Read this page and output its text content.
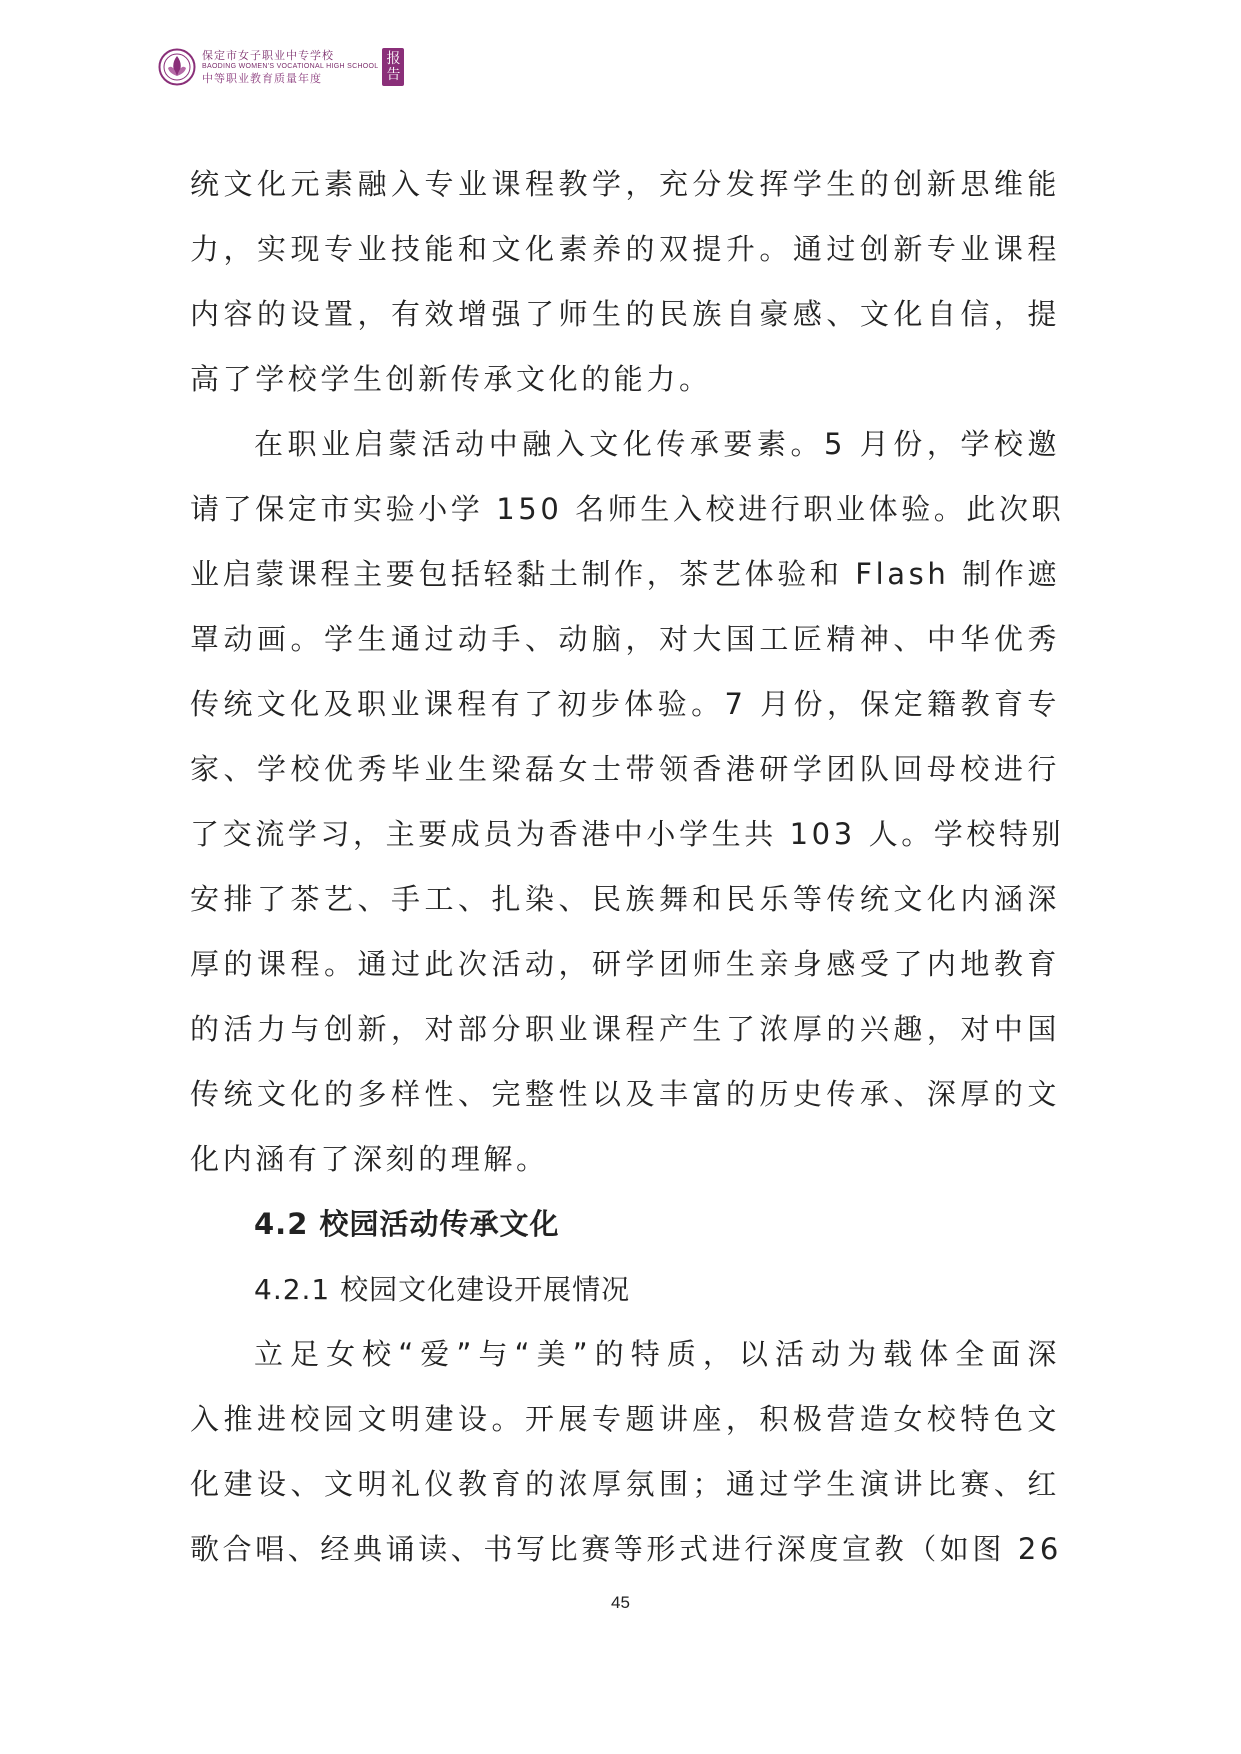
保定市女子职业中专学校
BAODING WOMEN'S VOCATIONAL HIGH SCHOOL
中等职业教育质量年度
报
告
统文化元素融入专业课程教学，充分发挥学生的创新思维能
力，实现专业技能和文化素养的双提升。通过创新专业课程
内容的设置，有效增强了师生的民族自豪感、文化自信，提
高了学校学生创新传承文化的能力。
在职业启蒙活动中融入文化传承要素。5 月份，学校邀
请了保定市实验小学 150 名师生入校进行职业体验。此次职
业启蒙课程主要包括轻黏土制作，茶艺体验和 Flash 制作遮
罩动画。学生通过动手、动脑，对大国工匠精神、中华优秀
传统文化及职业课程有了初步体验。7 月份，保定籍教育专
家、学校优秀毕业生梁磊女士带领香港研学团队回母校进行
了交流学习，主要成员为香港中小学生共 103 人。学校特别
安排了茶艺、手工、扎染、民族舞和民乐等传统文化内涵深
厚的课程。通过此次活动，研学团师生亲身感受了内地教育
的活力与创新，对部分职业课程产生了浓厚的兴趣，对中国
传统文化的多样性、完整性以及丰富的历史传承、深厚的文
化内涵有了深刻的理解。
4.2 校园活动传承文化
4.2.1 校园文化建设开展情况
立足女校“爱”与“美”的特质，以活动为载体全面深
入推进校园文明建设。开展专题讲座，积极营造女校特色文
化建设、文明礼仪教育的浓厚氛围；通过学生演讲比赛、红
歌合唱、经典诵读、书写比赛等形式进行深度宣教（如图 26
45
